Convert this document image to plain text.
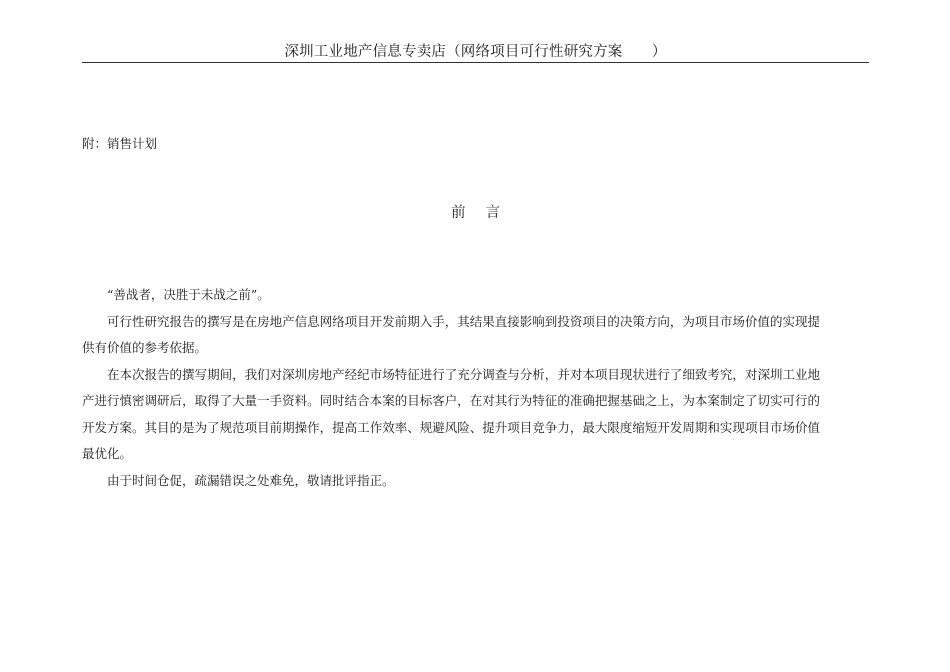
深圳工业地产信息专卖店（网络项目可行性研究方案　　）
附：销售计划
前言

“善战者，决胜于未战之前”。

可行性研究报告的撰写是在房地产信息网络项目开发前期入手，其结果直接影响到投资项目的决策方向，为项目市场价值的实现提供有价值的参考依据。

在本次报告的撰写期间，我们对深圳房地产经纪市场特征进行了充分调查与分析，并对本项目现状进行了细致考究，对深圳工业地产进行慎密调研后，取得了大量一手资料。同时结合本案的目标客户，在对其行为特征的准确把握基础之上，为本案制定了切实可行的开发方案。其目的是为了规范项目前期操作，提高工作效率、规避风险、提升项目竞争力，最大限度缩短开发周期和实现项目市场价值最优化。

由于时间仓促，疏漏错误之处难免，敬请批评指正。
